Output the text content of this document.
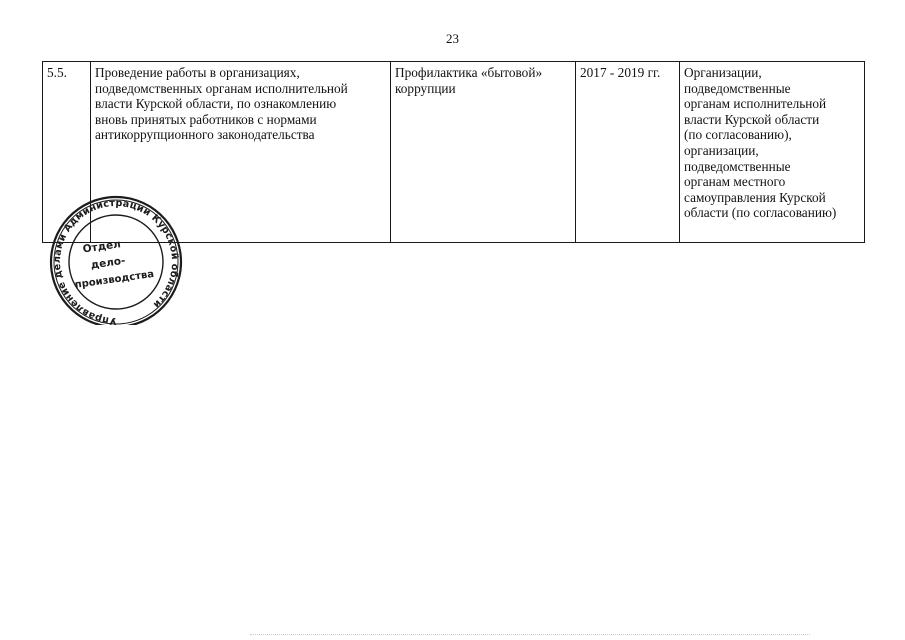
23
5.5.	Проведение работы в организациях,
подведомственных органам исполнительной
власти Курской области, по ознакомлению
вновь принятых работников с нормами
антикоррупционного законодательства	Профилактика «бытовой»
коррупции	2017 - 2019 гг.	Организации,
подведомственные
органам исполнительной
власти Курской области
(по согласованию),
организации,
подведомственные
органам местного
самоуправления Курской
области (по согласованию)
Управление делами Администрации Курской области
Отдел
дело-
производства
